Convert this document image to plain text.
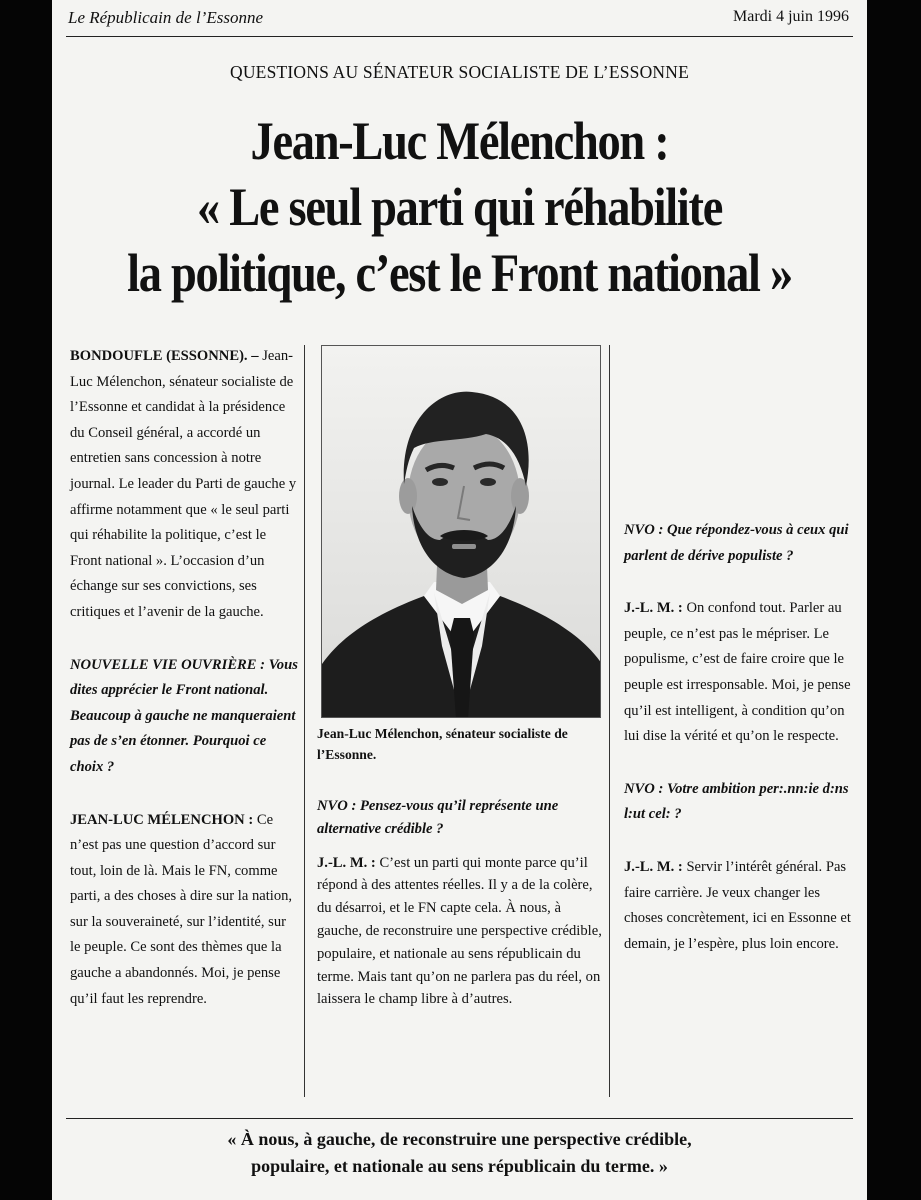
Le Républicain de l’Essonne	Mardi 4 juin 1996
QUESTIONS AU SÉNATEUR SOCIALISTE DE L’ESSONNE
Jean-Luc Mélenchon :
« Le seul parti qui réhabilite
la politique, c’est le Front national »

BONDOUFLE (ESSONNE). – Jean-Luc Mélenchon, sénateur socialiste de l’Essonne et candidat à la présidence du Conseil général, a accordé un entretien sans concession à notre journal. Le leader du Parti de gauche y affirme notamment que « le seul parti qui réhabilite la politique, c’est le Front national ». L’occasion d’un échange sur ses convictions, ses critiques et l’avenir de la gauche.

NOUVELLE VIE OUVRIÈRE : Vous dites apprécier le Front national. Beaucoup à gauche ne manqueraient pas de s’en étonner. Pourquoi ce choix ?

JEAN-LUC MÉLENCHON : Ce n’est pas une question d’accord sur tout, loin de là. Mais le FN, comme parti, a des choses à dire sur la nation, sur la souveraineté, sur l’identité, sur le peuple. Ce sont des thèmes que la gauche a abandonnés. Moi, je pense qu’il faut les reprendre.

Jean-Luc Mélenchon, sénateur socialiste de l’Essonne.

NVO : Pensez-vous qu’il représente une alternative crédible ?

J.-L. M. : C’est un parti qui monte parce qu’il répond à des attentes réelles. Il y a de la colère, du désarroi, et le FN capte cela. À nous, à gauche, de reconstruire une perspective crédible, populaire, et nationale au sens républicain du terme. Mais tant qu’on ne parlera pas du réel, on laissera le champ libre à d’autres.

NVO : Que répondez-vous à ceux qui parlent de dérive populiste ?

J.-L. M. : On confond tout. Parler au peuple, ce n’est pas le mépriser. Le populisme, c’est de faire croire que le peuple est irresponsable. Moi, je pense qu’il est intelligent, à condition qu’on lui dise la vérité et qu’on le respecte.

NVO : Votre ambition per:.nn:ie d:ns l:ut cel: ?

J.-L. M. : Servir l’intérêt général. Pas faire carrière. Je veux changer les choses concrètement, ici en Essonne et demain, je l’espère, plus loin encore.

« À nous, à gauche, de reconstruire une perspective crédible,
populaire, et nationale au sens républicain du terme. »
